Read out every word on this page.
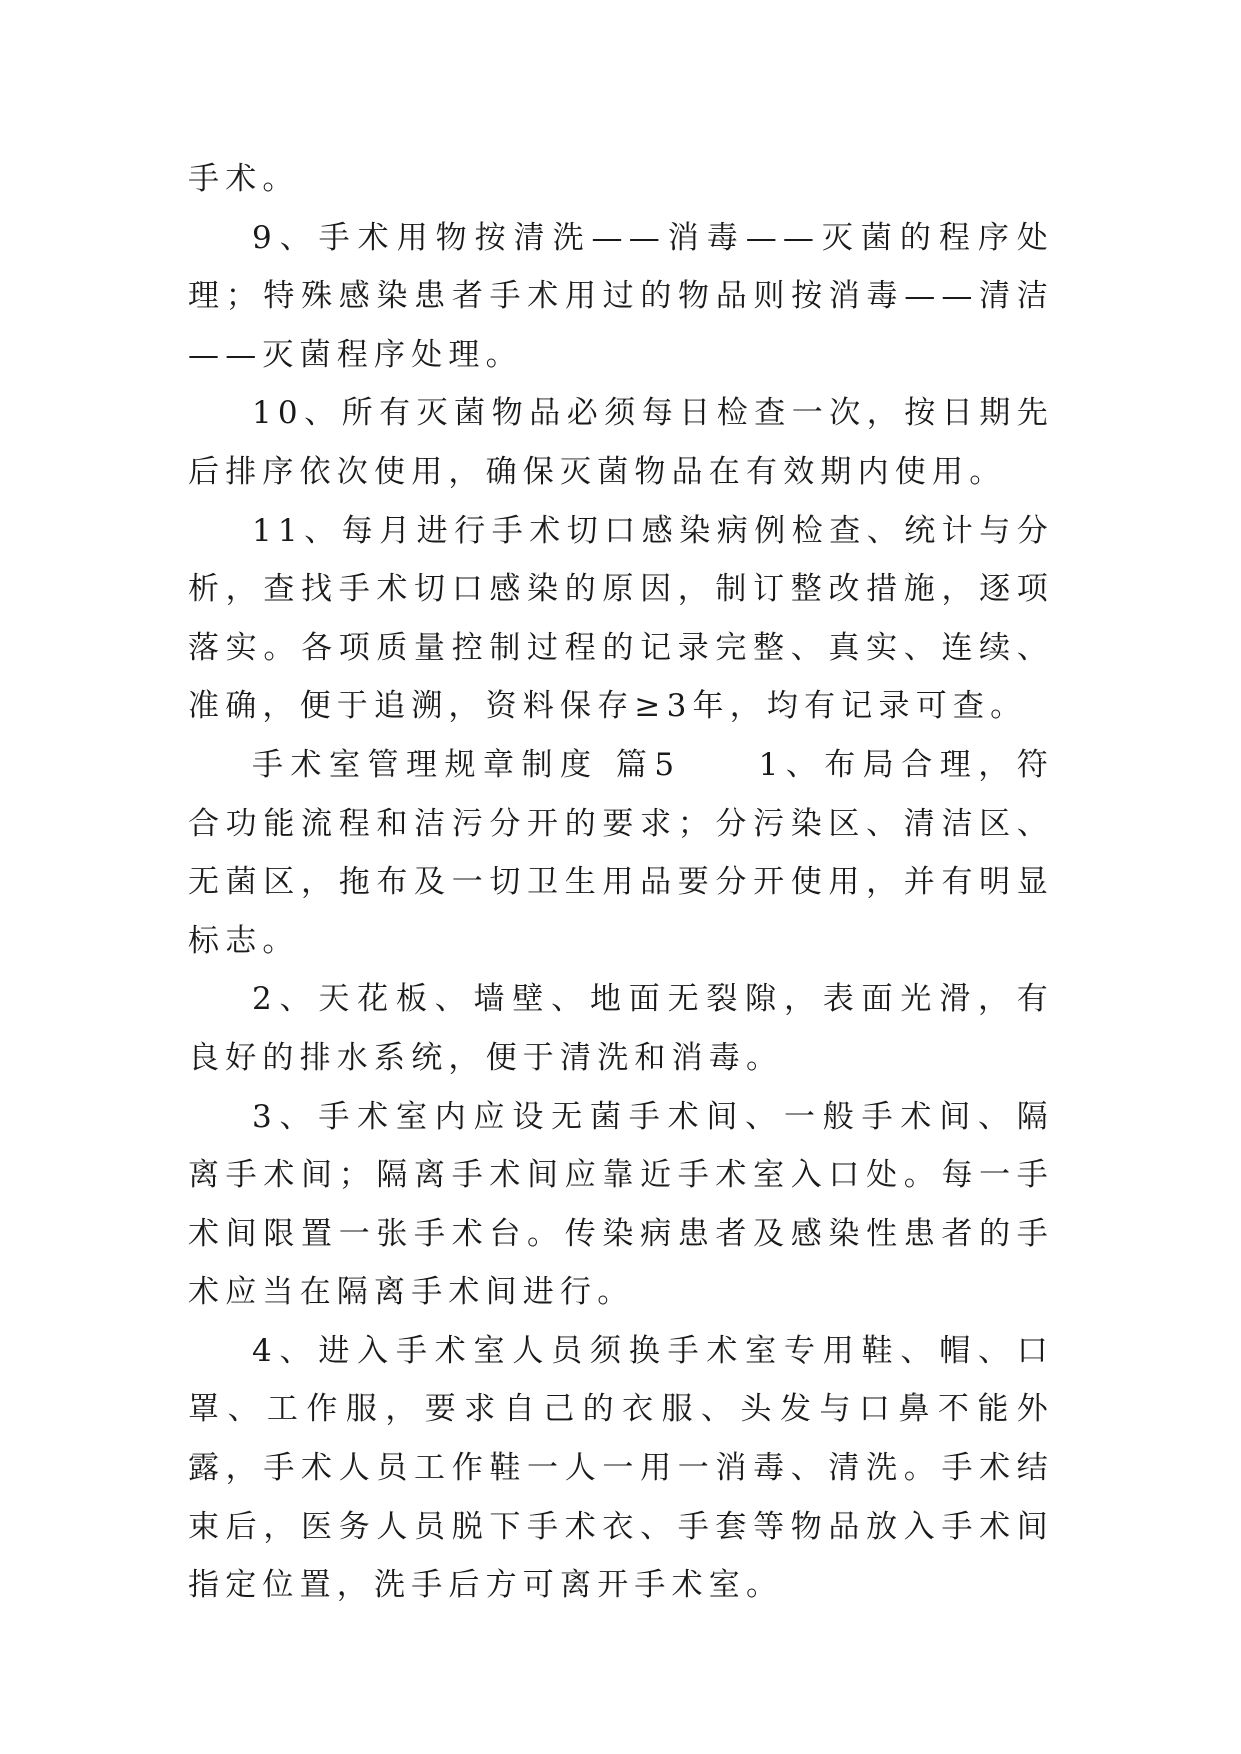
手术。

9、手术用物按清洗——消毒——灭菌的程序处理；特殊感染患者手术用过的物品则按消毒——清洁——灭菌程序处理。

10、所有灭菌物品必须每日检查一次，按日期先后排序依次使用，确保灭菌物品在有效期内使用。

11、每月进行手术切口感染病例检查、统计与分析，查找手术切口感染的原因，制订整改措施，逐项落实。各项质量控制过程的记录完整、真实、连续、准确，便于追溯，资料保存≥3年，均有记录可查。

手术室管理规章制度 篇5　　1、布局合理，符合功能流程和洁污分开的要求；分污染区、清洁区、无菌区，拖布及一切卫生用品要分开使用，并有明显标志。

2、天花板、墙壁、地面无裂隙，表面光滑，有良好的排水系统，便于清洗和消毒。

3、手术室内应设无菌手术间、一般手术间、隔离手术间；隔离手术间应靠近手术室入口处。每一手术间限置一张手术台。传染病患者及感染性患者的手术应当在隔离手术间进行。

4、进入手术室人员须换手术室专用鞋、帽、口罩、工作服，要求自己的衣服、头发与口鼻不能外露，手术人员工作鞋一人一用一消毒、清洗。手术结束后，医务人员脱下手术衣、手套等物品放入手术间指定位置，洗手后方可离开手术室。
